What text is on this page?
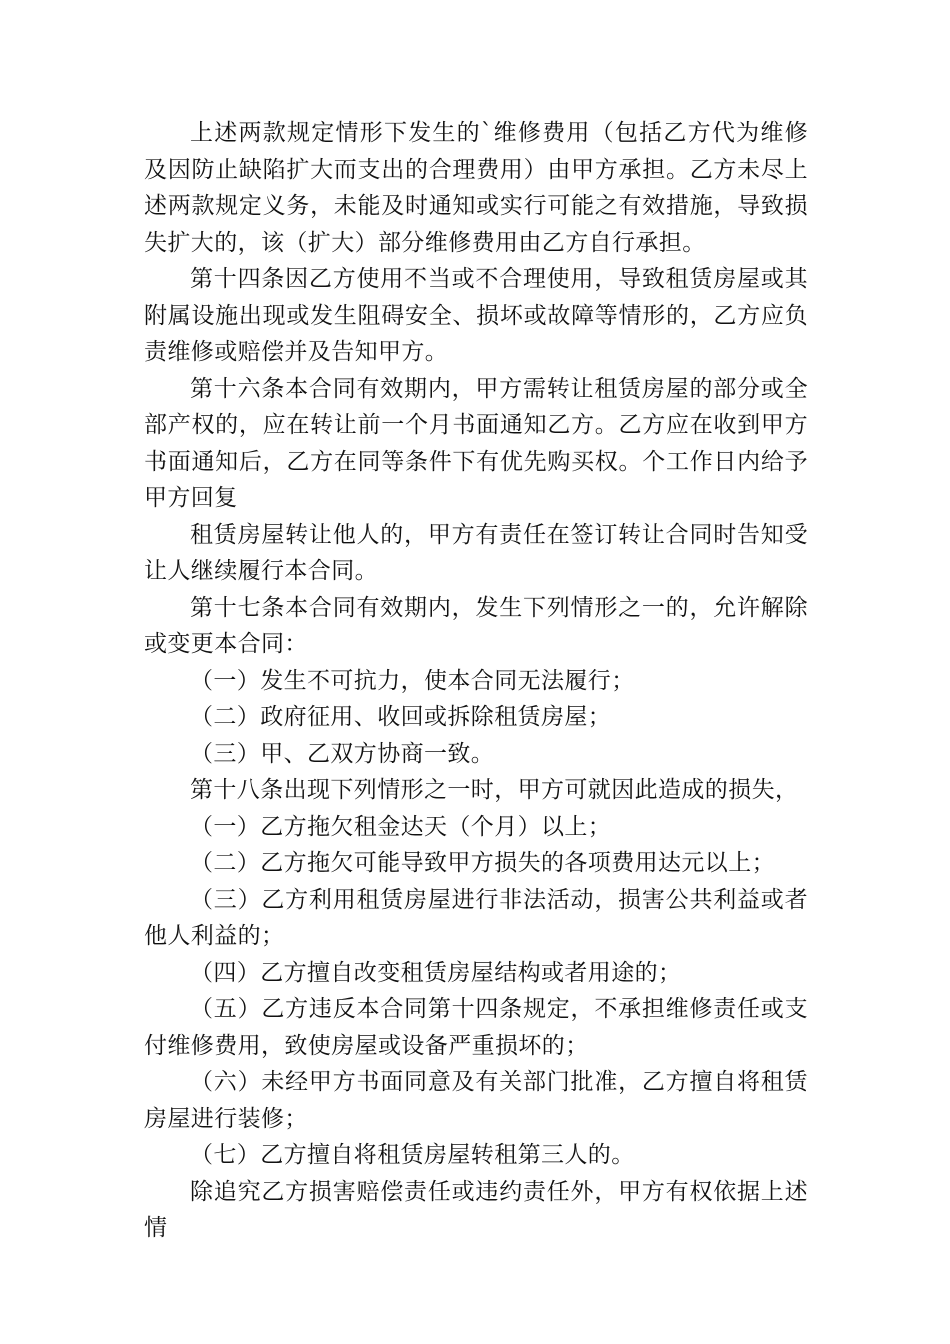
上述两款规定情形下发生的`维修费用（包括乙方代为维修及因防止缺陷扩大而支出的合理费用）由甲方承担。乙方未尽上述两款规定义务，未能及时通知或实行可能之有效措施，导致损失扩大的，该（扩大）部分维修费用由乙方自行承担。

第十四条因乙方使用不当或不合理使用，导致租赁房屋或其附属设施出现或发生阻碍安全、损坏或故障等情形的，乙方应负责维修或赔偿并及告知甲方。

第十六条本合同有效期内，甲方需转让租赁房屋的部分或全部产权的，应在转让前一个月书面通知乙方。乙方应在收到甲方书面通知后，乙方在同等条件下有优先购买权。个工作日内给予甲方回复

租赁房屋转让他人的，甲方有责任在签订转让合同时告知受让人继续履行本合同。

第十七条本合同有效期内，发生下列情形之一的，允许解除或变更本合同：

（一）发生不可抗力，使本合同无法履行；

（二）政府征用、收回或拆除租赁房屋；

（三）甲、乙双方协商一致。

第十八条出现下列情形之一时，甲方可就因此造成的损失，

（一）乙方拖欠租金达天（个月）以上；

（二）乙方拖欠可能导致甲方损失的各项费用达元以上；

（三）乙方利用租赁房屋进行非法活动，损害公共利益或者他人利益的；

（四）乙方擅自改变租赁房屋结构或者用途的；

（五）乙方违反本合同第十四条规定，不承担维修责任或支付维修费用，致使房屋或设备严重损坏的；

（六）未经甲方书面同意及有关部门批准，乙方擅自将租赁房屋进行装修；

（七）乙方擅自将租赁房屋转租第三人的。

除追究乙方损害赔偿责任或违约责任外，甲方有权依据上述情
